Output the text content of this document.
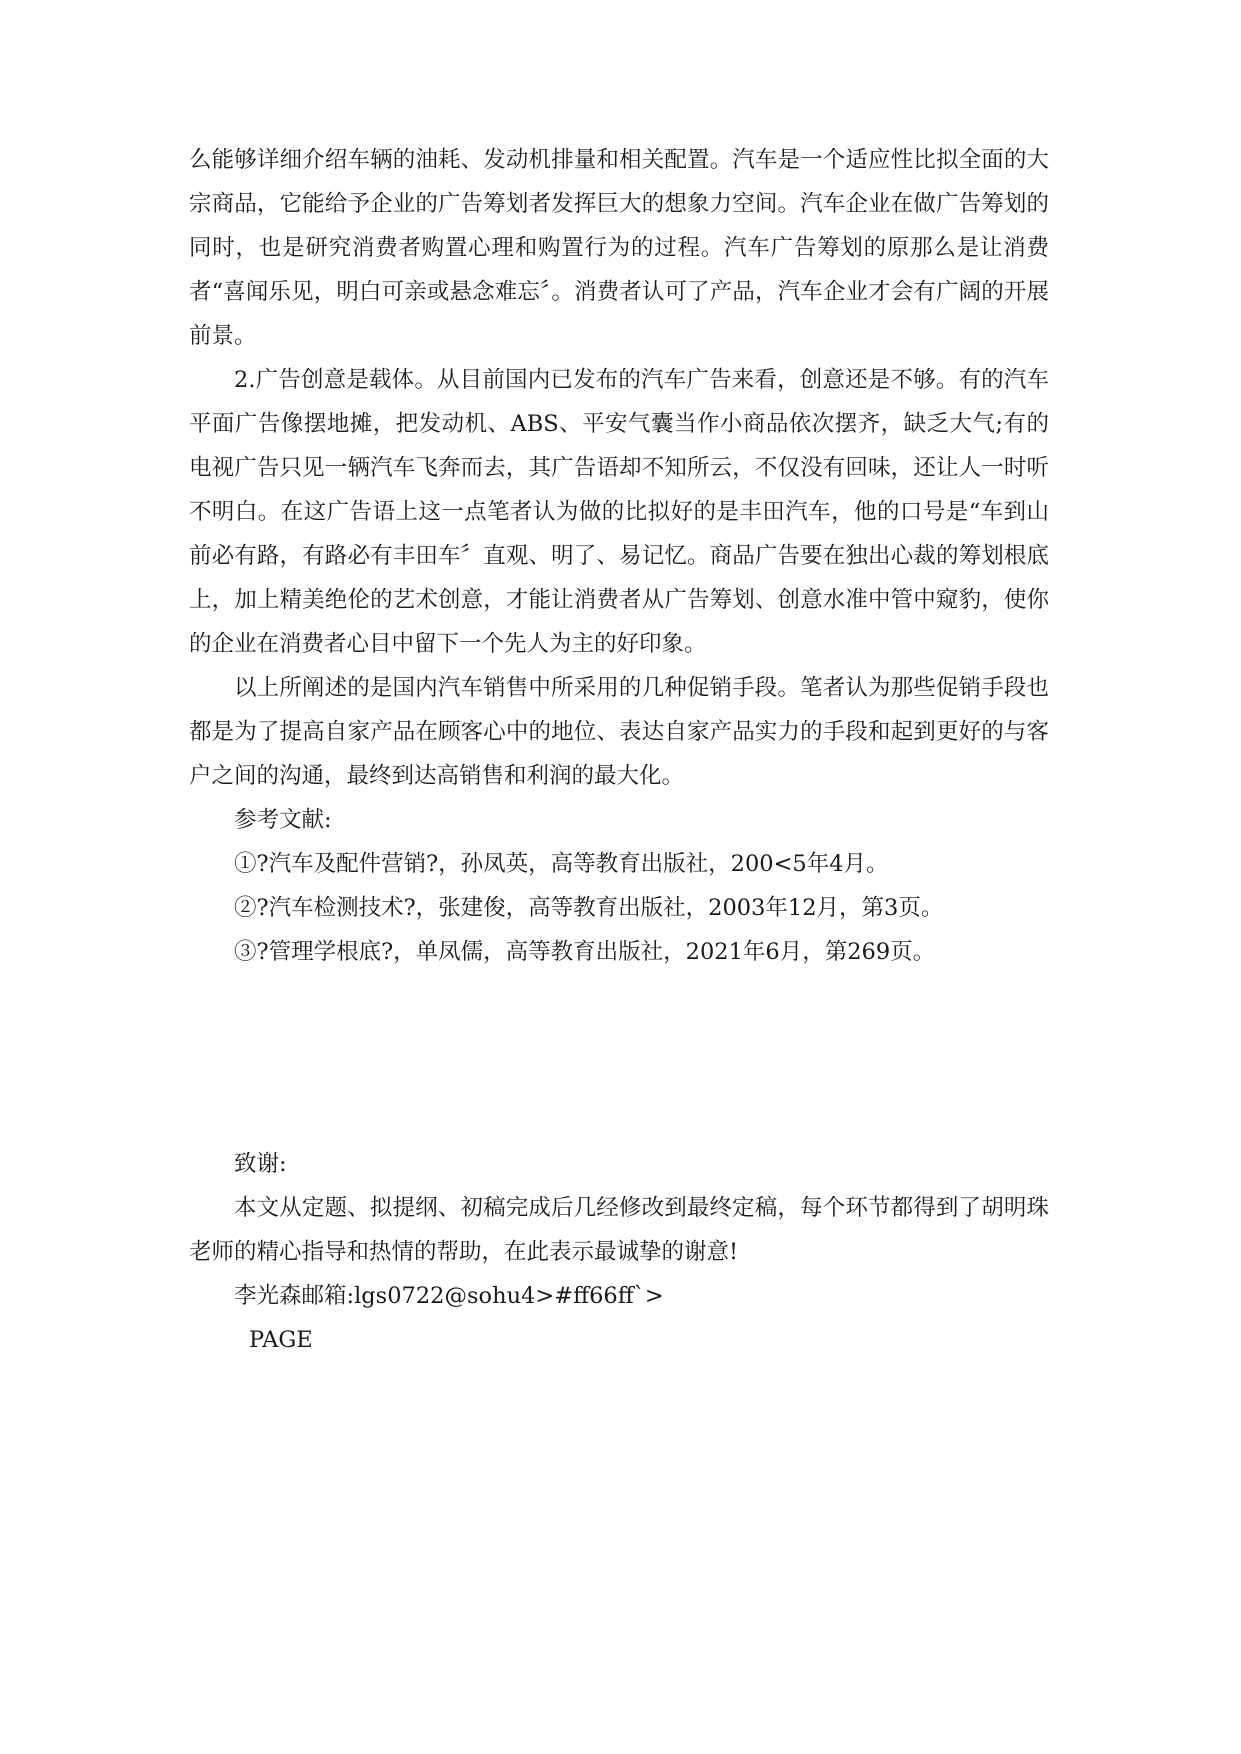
么能够详细介绍车辆的油耗、发动机排量和相关配置。汽车是一个适应性比拟全面的大宗商品，它能给予企业的广告筹划者发挥巨大的想象力空间。汽车企业在做广告筹划的同时，也是研究消费者购置心理和购置行为的过程。汽车广告筹划的原那么是让消费者“喜闻乐见，明白可亲或悬念难忘〞。消费者认可了产品，汽车企业才会有广阔的开展前景。

2.广告创意是载体。从目前国内已发布的汽车广告来看，创意还是不够。有的汽车平面广告像摆地摊，把发动机、ABS、平安气囊当作小商品依次摆齐，缺乏大气;有的电视广告只见一辆汽车飞奔而去，其广告语却不知所云，不仅没有回味，还让人一时听不明白。在这广告语上这一点笔者认为做的比拟好的是丰田汽车，他的口号是“车到山前必有路，有路必有丰田车〞直观、明了、易记忆。商品广告要在独出心裁的筹划根底上，加上精美绝伦的艺术创意，才能让消费者从广告筹划、创意水准中管中窥豹，使你的企业在消费者心目中留下一个先人为主的好印象。

以上所阐述的是国内汽车销售中所采用的几种促销手段。笔者认为那些促销手段也都是为了提高自家产品在顾客心中的地位、表达自家产品实力的手段和起到更好的与客户之间的沟通，最终到达高销售和利润的最大化。

参考文献:

①?汽车及配件营销?，孙凤英，高等教育出版社，200<5年4月。

②?汽车检测技术?，张建俊，高等教育出版社，2003年12月，第3页。

③?管理学根底?，单凤儒，高等教育出版社，2021年6月，第269页。

致谢:

本文从定题、拟提纲、初稿完成后几经修改到最终定稿，每个环节都得到了胡明珠老师的精心指导和热情的帮助，在此表示最诚挚的谢意!

李光森邮箱:lgs0722@sohu4>#ff66ff`>

PAGE
